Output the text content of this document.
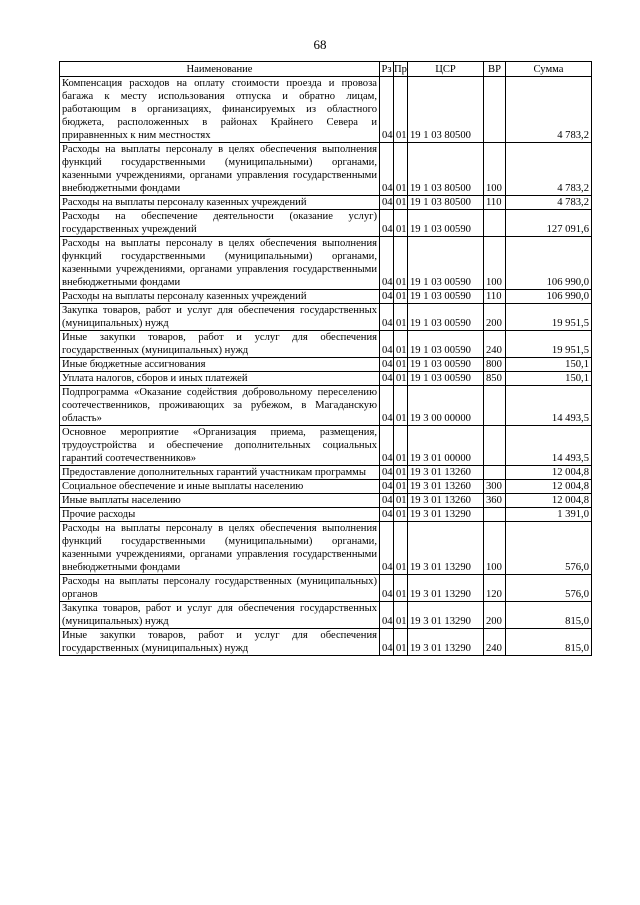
68
Наименование	Рз	Пр	ЦСР	ВР	Сумма
Компенсация расходов на оплату стоимости проезда и провоза багажа к месту использования отпуска и обратно лицам, работающим в организациях, финансируемых из областного бюджета, расположенных в районах Крайнего Севера и приравненных к ним местностях	04	01	19 1 03 80500		4 783,2
Расходы на выплаты персоналу в целях обеспечения выполнения функций государственными (муниципальными) органами, казенными учреждениями, органами управления государственными внебюджетными фондами	04	01	19 1 03 80500	100	4 783,2
Расходы на выплаты персоналу казенных учреждений	04	01	19 1 03 80500	110	4 783,2
Расходы на обеспечение деятельности (оказание услуг) государственных учреждений	04	01	19 1 03 00590		127 091,6
Расходы на выплаты персоналу в целях обеспечения выполнения функций государственными (муниципальными) органами, казенными учреждениями, органами управления государственными внебюджетными фондами	04	01	19 1 03 00590	100	106 990,0
Расходы на выплаты персоналу казенных учреждений	04	01	19 1 03 00590	110	106 990,0
Закупка товаров, работ и услуг для обеспечения государственных (муниципальных) нужд	04	01	19 1 03 00590	200	19 951,5
Иные закупки товаров, работ и услуг для обеспечения государственных (муниципальных) нужд	04	01	19 1 03 00590	240	19 951,5
Иные бюджетные ассигнования	04	01	19 1 03 00590	800	150,1
Уплата налогов, сборов и иных платежей	04	01	19 1 03 00590	850	150,1
Подпрограмма «Оказание содействия добровольному переселению соотечественников, проживающих за рубежом, в Магаданскую область»	04	01	19 3 00 00000		14 493,5
Основное мероприятие «Организация приема, размещения, трудоустройства и обеспечение дополнительных социальных гарантий соотечественников»	04	01	19 3 01 00000		14 493,5
Предоставление дополнительных гарантий участникам программы	04	01	19 3 01 13260		12 004,8
Социальное обеспечение и иные выплаты населению	04	01	19 3 01 13260	300	12 004,8
Иные выплаты населению	04	01	19 3 01 13260	360	12 004,8
Прочие расходы	04	01	19 3 01 13290		1 391,0
Расходы на выплаты персоналу в целях обеспечения выполнения функций государственными (муниципальными) органами, казенными учреждениями, органами управления государственными внебюджетными фондами	04	01	19 3 01 13290	100	576,0
Расходы на выплаты персоналу государственных (муниципальных) органов	04	01	19 3 01 13290	120	576,0
Закупка товаров, работ и услуг для обеспечения государственных (муниципальных) нужд	04	01	19 3 01 13290	200	815,0
Иные закупки товаров, работ и услуг для обеспечения государственных (муниципальных) нужд	04	01	19 3 01 13290	240	815,0
